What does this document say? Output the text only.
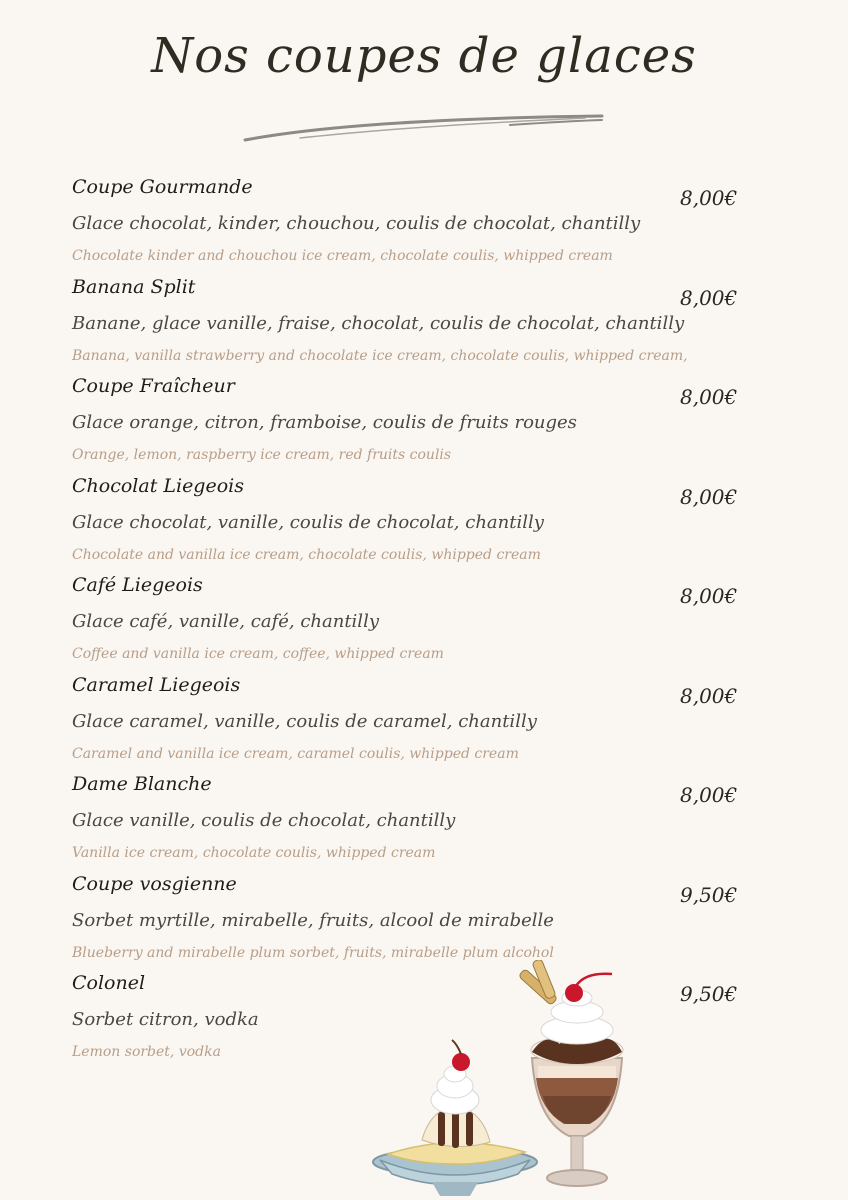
Nos coupes de glaces
Coupe Gourmande
Glace chocolat, kinder, chouchou, coulis de chocolat, chantilly
Chocolate kinder and chouchou ice cream, chocolate coulis, whipped cream
8,00€
Banana Split
Banane, glace vanille, fraise, chocolat, coulis de chocolat, chantilly
Banana, vanilla strawberry and chocolate ice cream, chocolate coulis, whipped cream,
8,00€
Coupe Fraîcheur
Glace orange, citron, framboise, coulis de fruits rouges
Orange, lemon, raspberry ice cream, red fruits coulis
8,00€
Chocolat Liegeois
Glace chocolat, vanille, coulis de chocolat, chantilly
Chocolate and vanilla ice cream, chocolate coulis, whipped cream
8,00€
Café Liegeois
Glace café, vanille, café, chantilly
Coffee and vanilla ice cream, coffee, whipped cream
8,00€
Caramel Liegeois
Glace caramel, vanille, coulis de caramel, chantilly
Caramel and vanilla ice cream, caramel coulis, whipped cream
8,00€
Dame Blanche
Glace vanille, coulis de chocolat, chantilly
Vanilla ice cream, chocolate coulis, whipped cream
8,00€
Coupe vosgienne
Sorbet myrtille, mirabelle, fruits, alcool de mirabelle
Blueberry and mirabelle plum sorbet, fruits, mirabelle plum alcohol
9,50€
Colonel
Sorbet citron, vodka
Lemon sorbet, vodka
9,50€
